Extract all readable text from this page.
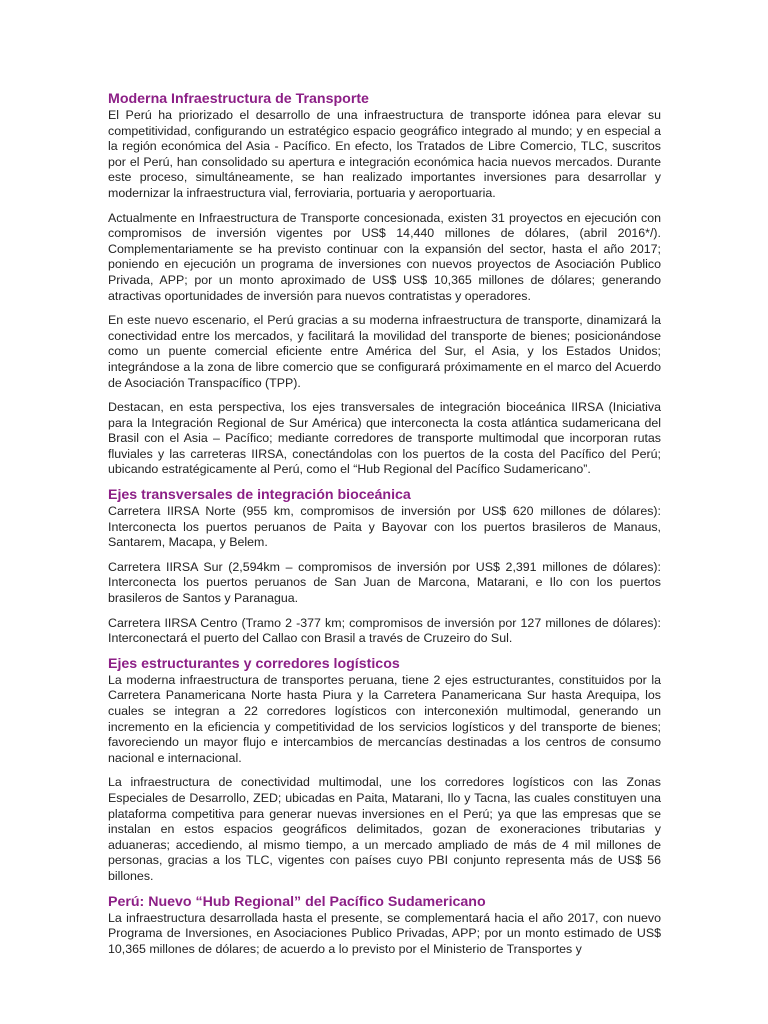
Moderna Infraestructura de Transporte

El Perú ha priorizado el desarrollo de una infraestructura de transporte idónea para elevar su competitividad, configurando un estratégico espacio geográfico integrado al mundo; y en especial a la región económica del Asia - Pacífico. En efecto, los Tratados de Libre Comercio, TLC, suscritos por el Perú, han consolidado su apertura e integración económica hacia nuevos mercados. Durante este proceso, simultáneamente, se han realizado importantes inversiones para desarrollar y modernizar la infraestructura vial, ferroviaria, portuaria y aeroportuaria.

Actualmente en Infraestructura de Transporte concesionada, existen 31 proyectos en ejecución con compromisos de inversión vigentes por US$ 14,440 millones de dólares, (abril 2016*/). Complementariamente se ha previsto continuar con la expansión del sector, hasta el año 2017; poniendo en ejecución un programa de inversiones con nuevos proyectos de Asociación Publico Privada, APP; por un monto aproximado de US$ US$ 10,365 millones de dólares; generando atractivas oportunidades de inversión para nuevos contratistas y operadores.

En este nuevo escenario, el Perú gracias a su moderna infraestructura de transporte, dinamizará la conectividad entre los mercados, y facilitará la movilidad del transporte de bienes; posicionándose como un puente comercial eficiente entre América del Sur, el Asia, y los Estados Unidos; integrándose a la zona de libre comercio que se configurará próximamente en el marco del Acuerdo de Asociación Transpacífico (TPP).

Destacan, en esta perspectiva, los ejes transversales de integración bioceánica IIRSA (Iniciativa para la Integración Regional de Sur América) que interconecta la costa atlántica sudamericana del Brasil con el Asia – Pacífico; mediante corredores de transporte multimodal que incorporan rutas fluviales y las carreteras IIRSA, conectándolas con los puertos de la costa del Pacífico del Perú; ubicando estratégicamente al Perú, como el “Hub Regional del Pacífico Sudamericano”.

Ejes transversales de integración bioceánica

Carretera IIRSA Norte (955 km, compromisos de inversión por US$ 620 millones de dólares): Interconecta los puertos peruanos de Paita y Bayovar con los puertos brasileros de Manaus, Santarem, Macapa, y Belem.

Carretera IIRSA Sur (2,594km – compromisos de inversión por US$ 2,391 millones de dólares): Interconecta los puertos peruanos de San Juan de Marcona, Matarani, e Ilo con los puertos brasileros de Santos y Paranagua.

Carretera IIRSA Centro (Tramo 2 -377 km; compromisos de inversión por 127 millones de dólares): Interconectará el puerto del Callao con Brasil a través de Cruzeiro do Sul.

Ejes estructurantes y corredores logísticos

La moderna infraestructura de transportes peruana, tiene 2 ejes estructurantes, constituidos por la Carretera Panamericana Norte hasta Piura y la Carretera Panamericana Sur hasta Arequipa, los cuales se integran a 22 corredores logísticos con interconexión multimodal, generando un incremento en la eficiencia y competitividad de los servicios logísticos y del transporte de bienes; favoreciendo un mayor flujo e intercambios de mercancías destinadas a los centros de consumo nacional e internacional.

La infraestructura de conectividad multimodal, une los corredores logísticos con las Zonas Especiales de Desarrollo, ZED; ubicadas en Paita, Matarani, Ilo y Tacna, las cuales constituyen una plataforma competitiva para generar nuevas inversiones en el Perú; ya que las empresas que se instalan en estos espacios geográficos delimitados, gozan de exoneraciones tributarias y aduaneras; accediendo, al mismo tiempo, a un mercado ampliado de más de 4 mil millones de personas, gracias a los TLC, vigentes con países cuyo PBI conjunto representa más de US$ 56 billones.

Perú: Nuevo “Hub Regional” del Pacífico Sudamericano

La infraestructura desarrollada hasta el presente, se complementará hacia el año 2017, con nuevo Programa de Inversiones, en Asociaciones Publico Privadas, APP; por un monto estimado de US$ 10,365 millones de dólares; de acuerdo a lo previsto por el Ministerio de Transportes y
